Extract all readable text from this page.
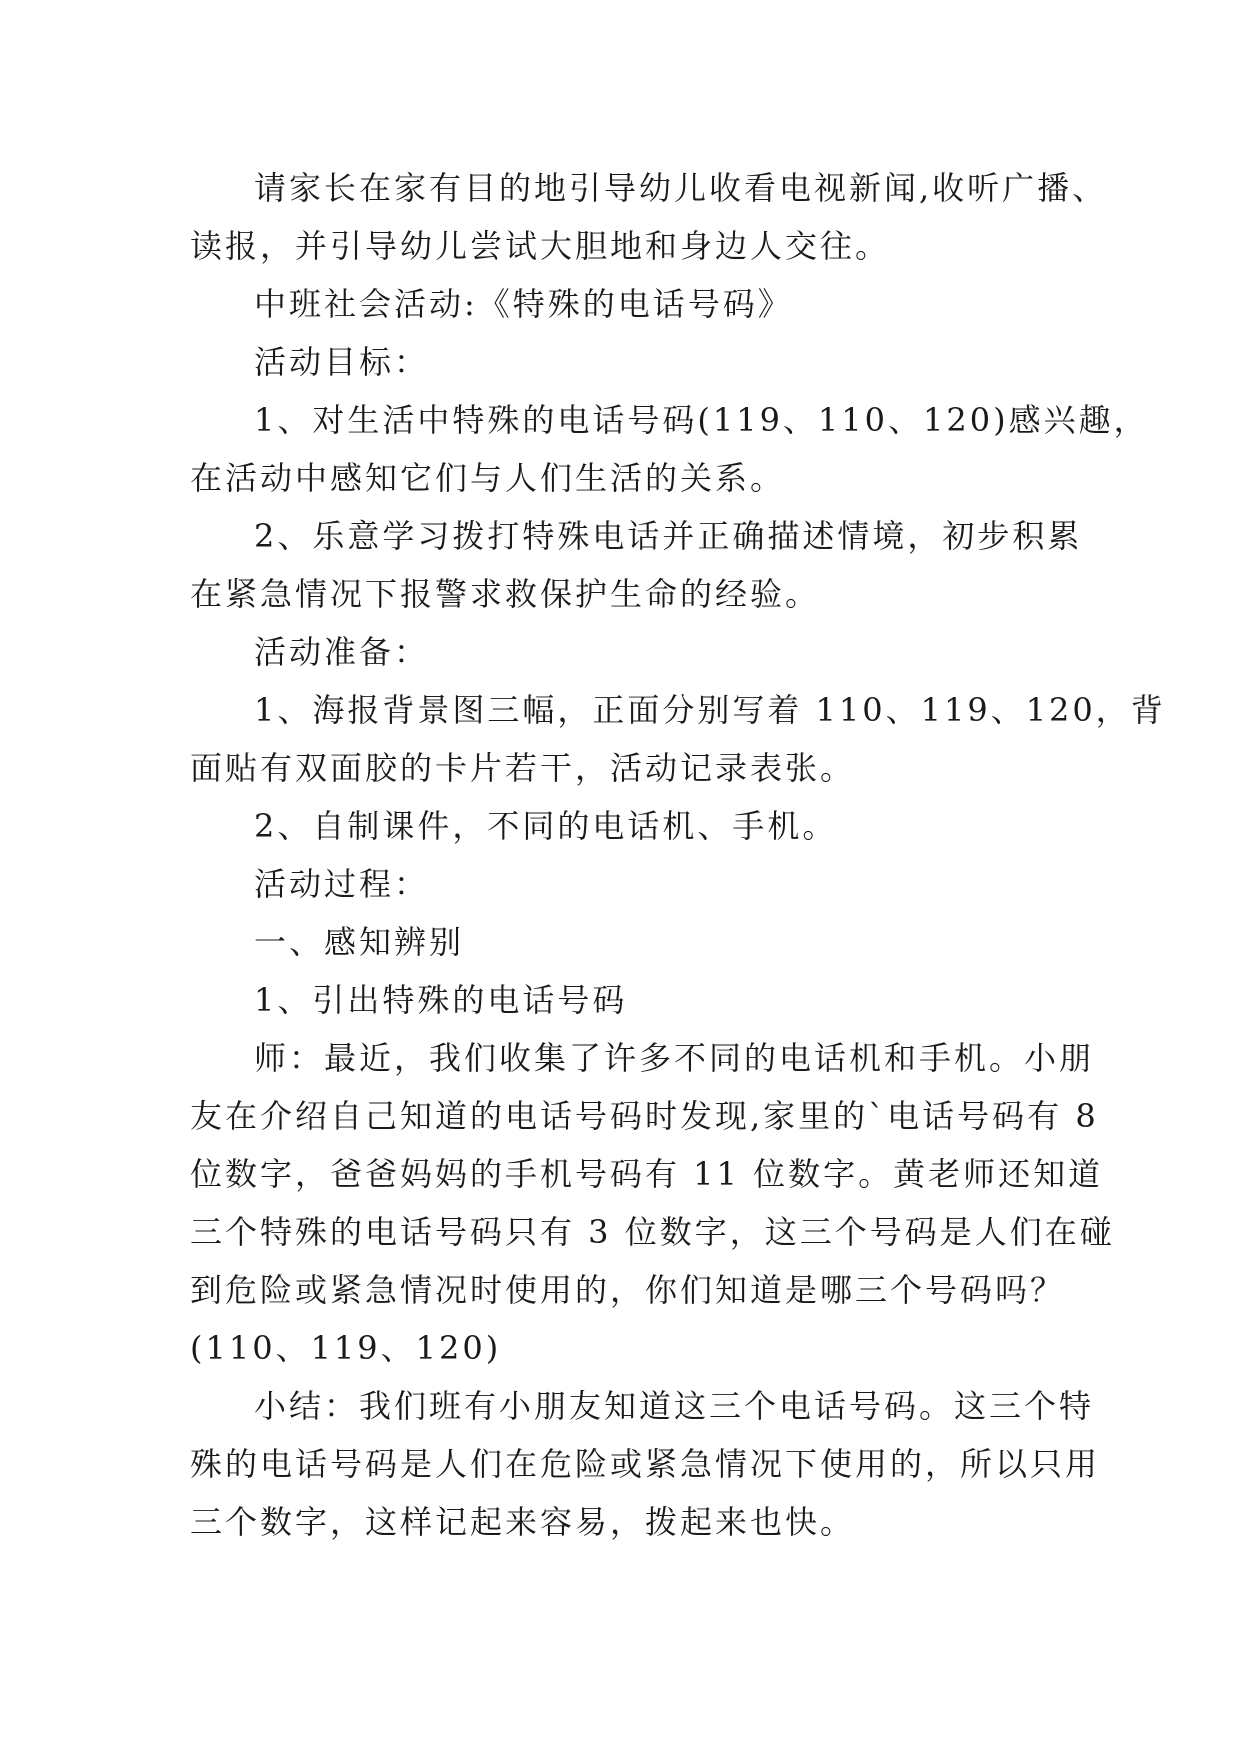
请家长在家有目的地引导幼儿收看电视新闻,收听广播、
读报，并引导幼儿尝试大胆地和身边人交往。
中班社会活动:《特殊的电话号码》
活动目标：
1、对生活中特殊的电话号码(119、110、120)感兴趣，
在活动中感知它们与人们生活的关系。
2、乐意学习拨打特殊电话并正确描述情境，初步积累
在紧急情况下报警求救保护生命的经验。
活动准备：
1、海报背景图三幅，正面分别写着 110、119、120，背
面贴有双面胶的卡片若干，活动记录表张。
2、自制课件，不同的电话机、手机。
活动过程：
一、感知辨别
1、引出特殊的电话号码
师：最近，我们收集了许多不同的电话机和手机。小朋
友在介绍自己知道的电话号码时发现,家里的`电话号码有 8
位数字，爸爸妈妈的手机号码有 11 位数字。黄老师还知道
三个特殊的电话号码只有 3 位数字，这三个号码是人们在碰
到危险或紧急情况时使用的，你们知道是哪三个号码吗？
(110、119、120)
小结：我们班有小朋友知道这三个电话号码。这三个特
殊的电话号码是人们在危险或紧急情况下使用的，所以只用
三个数字，这样记起来容易，拨起来也快。
